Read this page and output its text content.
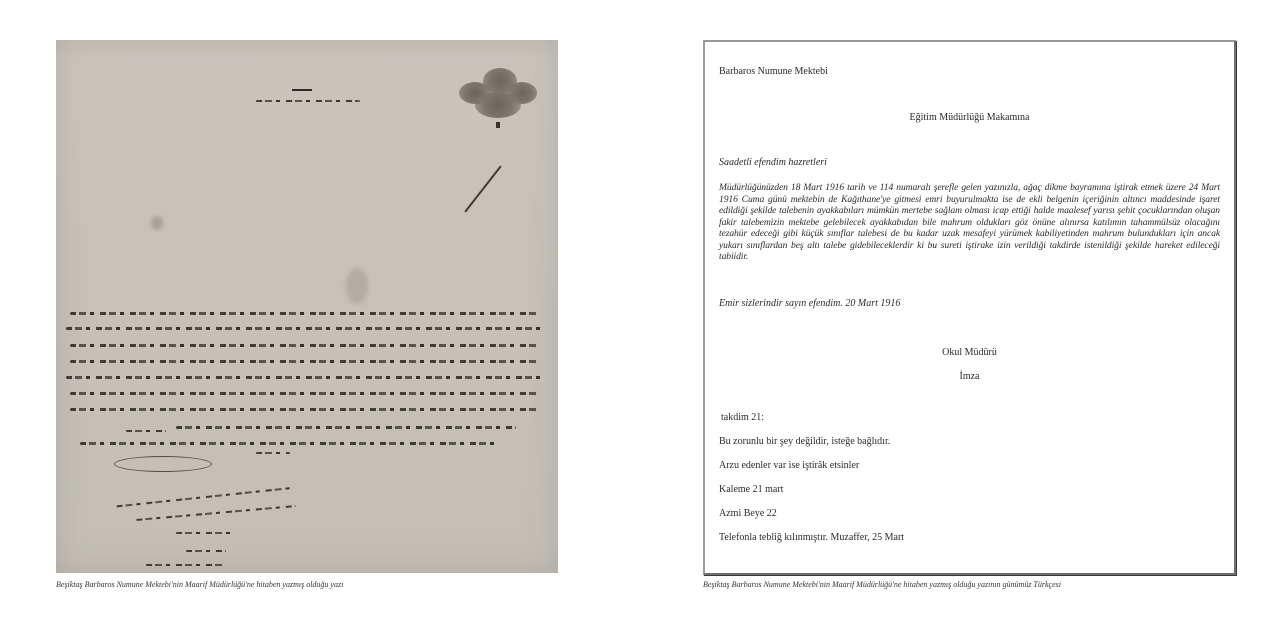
Beşiktaş Barbaros Numune Mektebi'nin Maarif Müdürlüğü'ne hitaben yazmış olduğu yazı
Barbaros Numune Mektebi
Eğitim Müdürlüğü Makamına
Saadetli efendim hazretleri
Müdürlüğünüzden 18 Mart 1916 tarih ve 114 numaralı şerefle gelen yazınızla, ağaç dikme bayramına iştirak etmek üzere 24 Mart 1916 Cuma günü mektebin de Kağıthane'ye gitmesi emri buyurulmakta ise de ekli belgenin içeriğinin altıncı maddesinde işaret edildiği şekilde talebenin ayakkabıları mümkün mertebe sağlam olması icap ettiği halde maalesef yarısı şehit çocuklarından oluşan fakir talebemizin mektebe gelebilecek ayakkabıdan bile mahrum oldukları göz önüne alınırsa katılımın tahammülsüz olacağını tezahür edeceği gibi küçük sınıflar talebesi de bu kadar uzak mesafeyi yürümek kabiliyetinden mahrum bulundukları için ancak yukarı sınıflardan beş altı talebe gidebileceklerdir ki bu sureti iştirake izin verildiği takdirde istenildiği şekilde hareket edileceği tabiidir.
Emir sizlerindir sayın efendim. 20 Mart 1916
Okul Müdürü
İmza
takdim 21:
Bu zorunlu bir şey değildir, isteğe bağlıdır.
Arzu edenler var ise iştirâk etsinler
Kaleme 21 mart
Azmi Beye 22
Telefonla tebliğ kılınmıştır. Muzaffer, 25 Mart
Beşiktaş Barbaros Numune Mektebi'nin Maarif Müdürlüğü'ne hitaben yazmış olduğu yazının günümüz Türkçesi
